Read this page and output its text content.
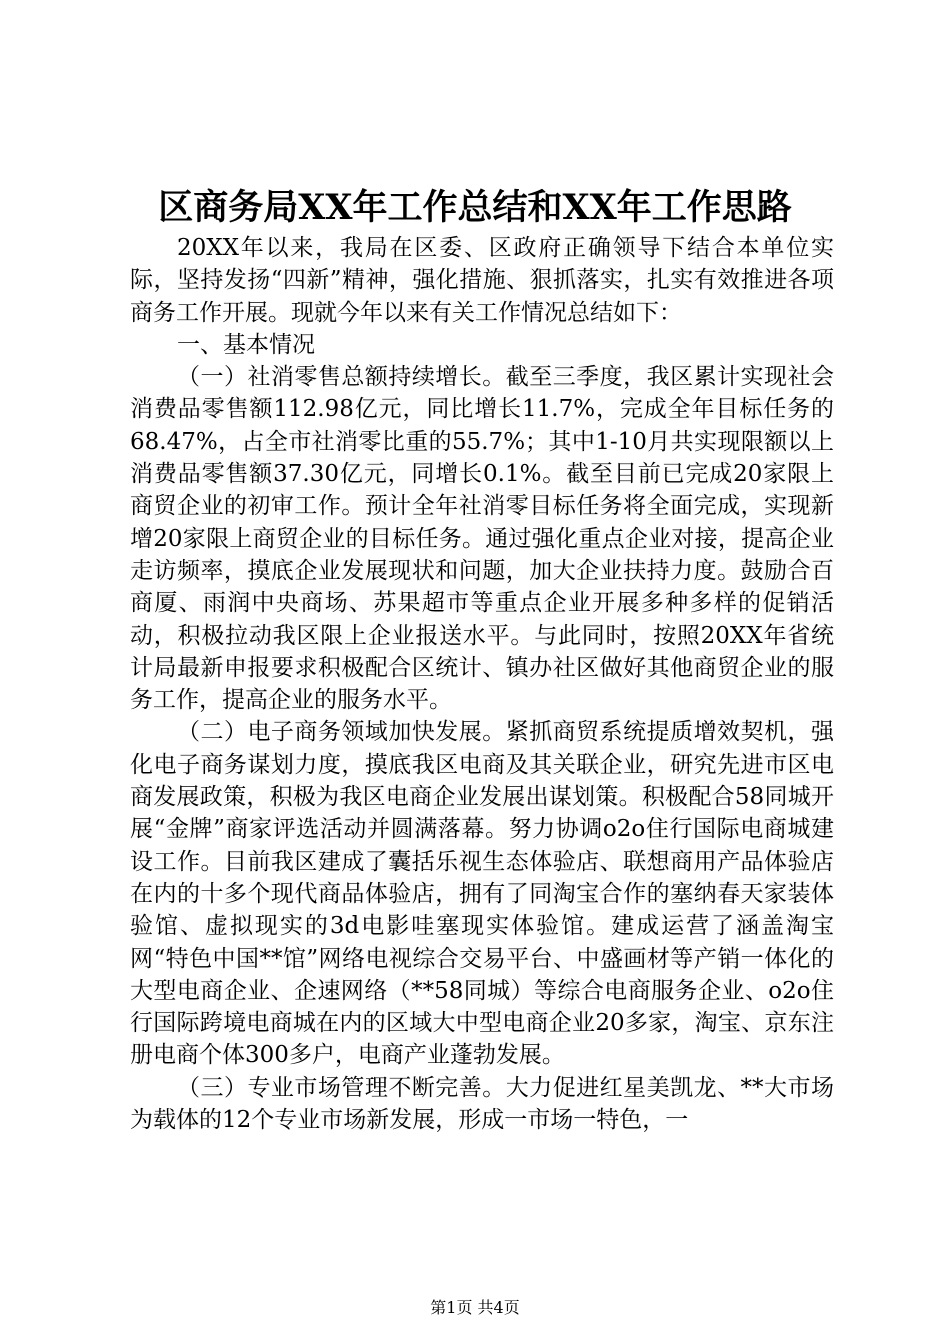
区商务局XX年工作总结和XX年工作思路

20XX年以来，我局在区委、区政府正确领导下结合本单位实际，坚持发扬“四新”精神，强化措施、狠抓落实，扎实有效推进各项商务工作开展。现就今年以来有关工作情况总结如下：

一、基本情况

（一）社消零售总额持续增长。截至三季度，我区累计实现社会消费品零售额112.98亿元，同比增长11.7%，完成全年目标任务的68.47%，占全市社消零比重的55.7%；其中1-10月共实现限额以上消费品零售额37.30亿元，同增长0.1%。截至目前已完成20家限上商贸企业的初审工作。预计全年社消零目标任务将全面完成，实现新增20家限上商贸企业的目标任务。通过强化重点企业对接，提高企业走访频率，摸底企业发展现状和问题，加大企业扶持力度。鼓励合百商厦、雨润中央商场、苏果超市等重点企业开展多种多样的促销活动，积极拉动我区限上企业报送水平。与此同时，按照20XX年省统计局最新申报要求积极配合区统计、镇办社区做好其他商贸企业的服务工作，提高企业的服务水平。

（二）电子商务领域加快发展。紧抓商贸系统提质增效契机，强化电子商务谋划力度，摸底我区电商及其关联企业，研究先进市区电商发展政策，积极为我区电商企业发展出谋划策。积极配合58同城开展“金牌”商家评选活动并圆满落幕。努力协调o2o住行国际电商城建设工作。目前我区建成了囊括乐视生态体验店、联想商用产品体验店在内的十多个现代商品体验店，拥有了同淘宝合作的塞纳春天家装体验馆、虚拟现实的3d电影哇塞现实体验馆。建成运营了涵盖淘宝网“特色中国**馆”网络电视综合交易平台、中盛画材等产销一体化的大型电商企业、企速网络（**58同城）等综合电商服务企业、o2o住行国际跨境电商城在内的区域大中型电商企业20多家，淘宝、京东注册电商个体300多户，电商产业蓬勃发展。

（三）专业市场管理不断完善。大力促进红星美凯龙、**大市场为载体的12个专业市场新发展，形成一市场一特色，一

第1页 共4页
